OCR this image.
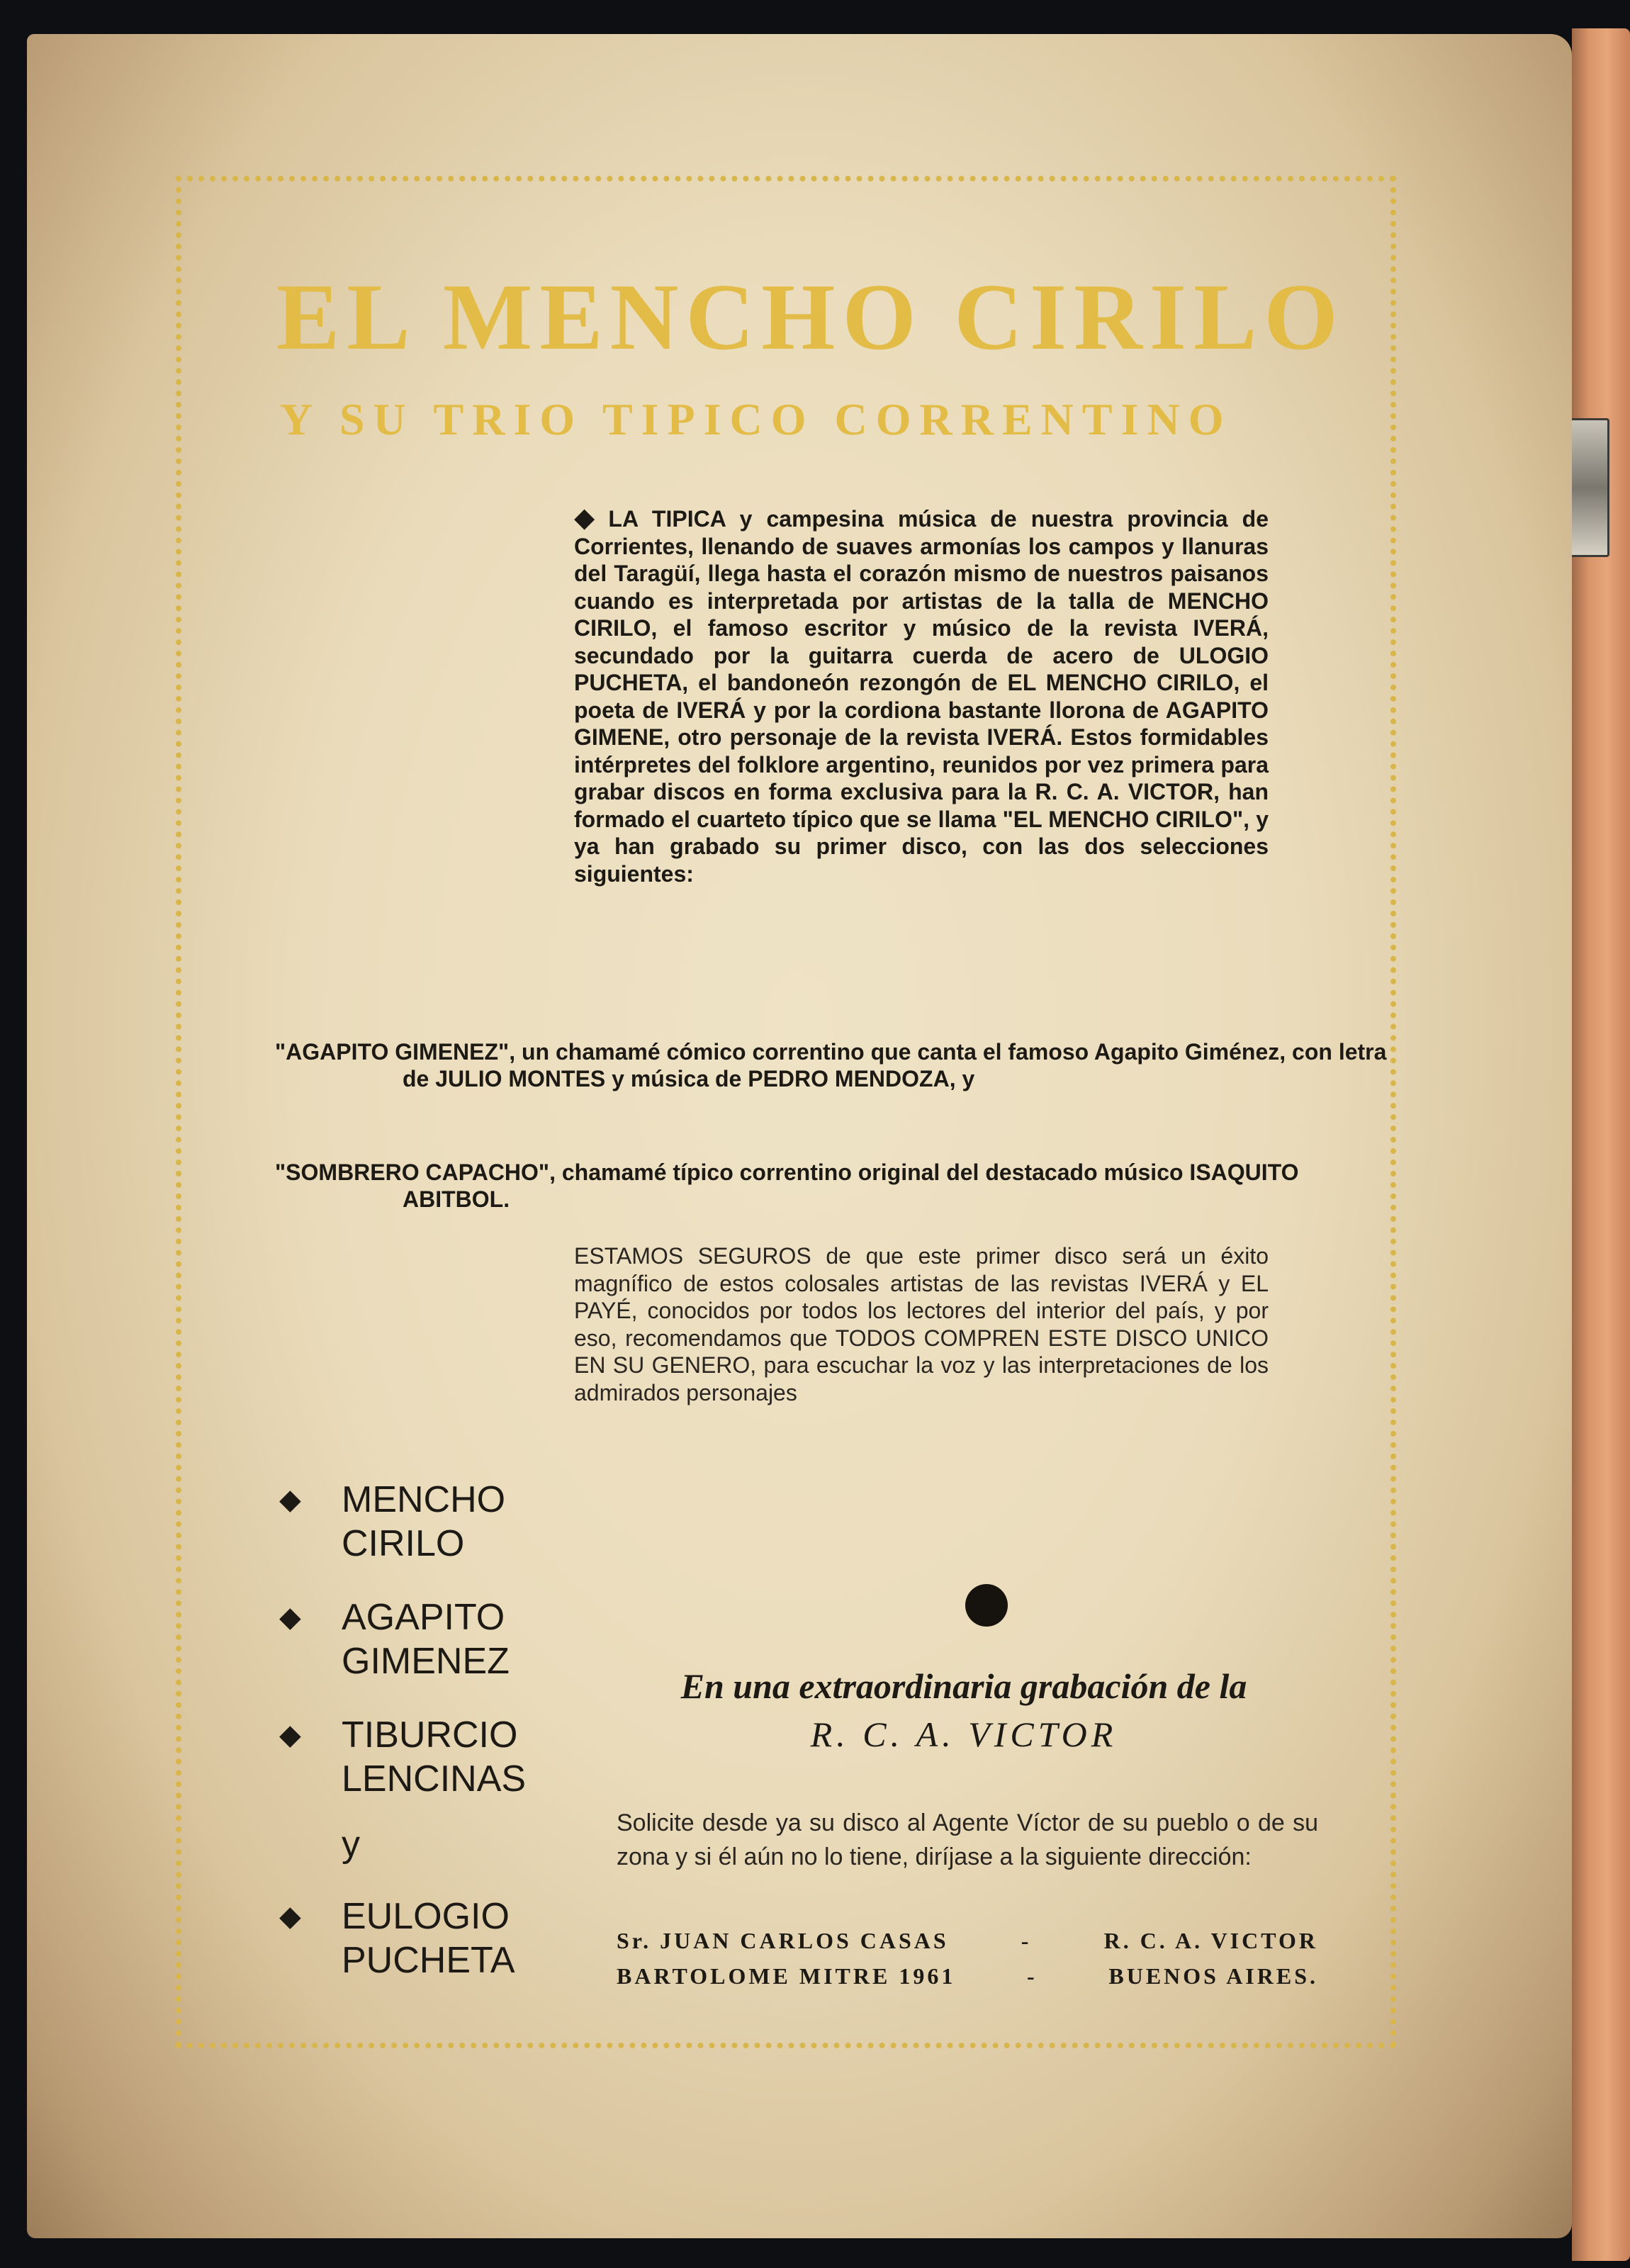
EL MENCHO CIRILO
Y SU TRIO TIPICO CORRENTINO

◆ LA TIPICA y campesina música de nuestra provincia de Corrientes, llenando de suaves armonías los campos y llanuras del Taragüí, llega hasta el corazón mismo de nuestros paisanos cuando es interpretada por artistas de la talla de MENCHO CIRILO, el famoso escritor y músico de la revista IVERÁ, secundado por la guitarra cuerda de acero de ULOGIO PUCHETA, el bandoneón rezongón de EL MENCHO CIRILO, el poeta de IVERÁ y por la cordiona bastante llorona de AGAPITO GIMENE, otro personaje de la revista IVERÁ. Estos formidables intérpretes del folklore argentino, reunidos por vez primera para grabar discos en forma exclusiva para la R. C. A. VICTOR, han formado el cuarteto típico que se llama "EL MENCHO CIRILO", y ya han grabado su primer disco, con las dos selecciones siguientes:

"AGAPITO GIMENEZ", un chamamé cómico correntino que canta el famoso Agapito Giménez, con letra de JULIO MONTES y música de PEDRO MENDOZA, y

"SOMBRERO CAPACHO", chamamé típico correntino original del destacado músico ISAQUITO ABITBOL.

ESTAMOS SEGUROS de que este primer disco será un éxito magnífico de estos colosales artistas de las revistas IVERÁ y EL PAYÉ, conocidos por todos los lectores del interior del país, y por eso, recomendamos que TODOS COMPREN ESTE DISCO UNICO EN SU GENERO, para escuchar la voz y las interpretaciones de los admirados personajes

◆ MENCHO
CIRILO
◆ AGAPITO
GIMENEZ
◆ TIBURCIO
LENCINAS
y
◆ EULOGIO
PUCHETA

En una extraordinaria grabación de la
R. C. A. VICTOR

Solicite desde ya su disco al Agente Víctor de su pueblo o de su zona y si él aún no lo tiene, diríjase a la siguiente dirección:

Sr. JUAN CARLOS CASAS	-	R. C. A. VICTOR
BARTOLOME MITRE 1961	-	BUENOS AIRES.
